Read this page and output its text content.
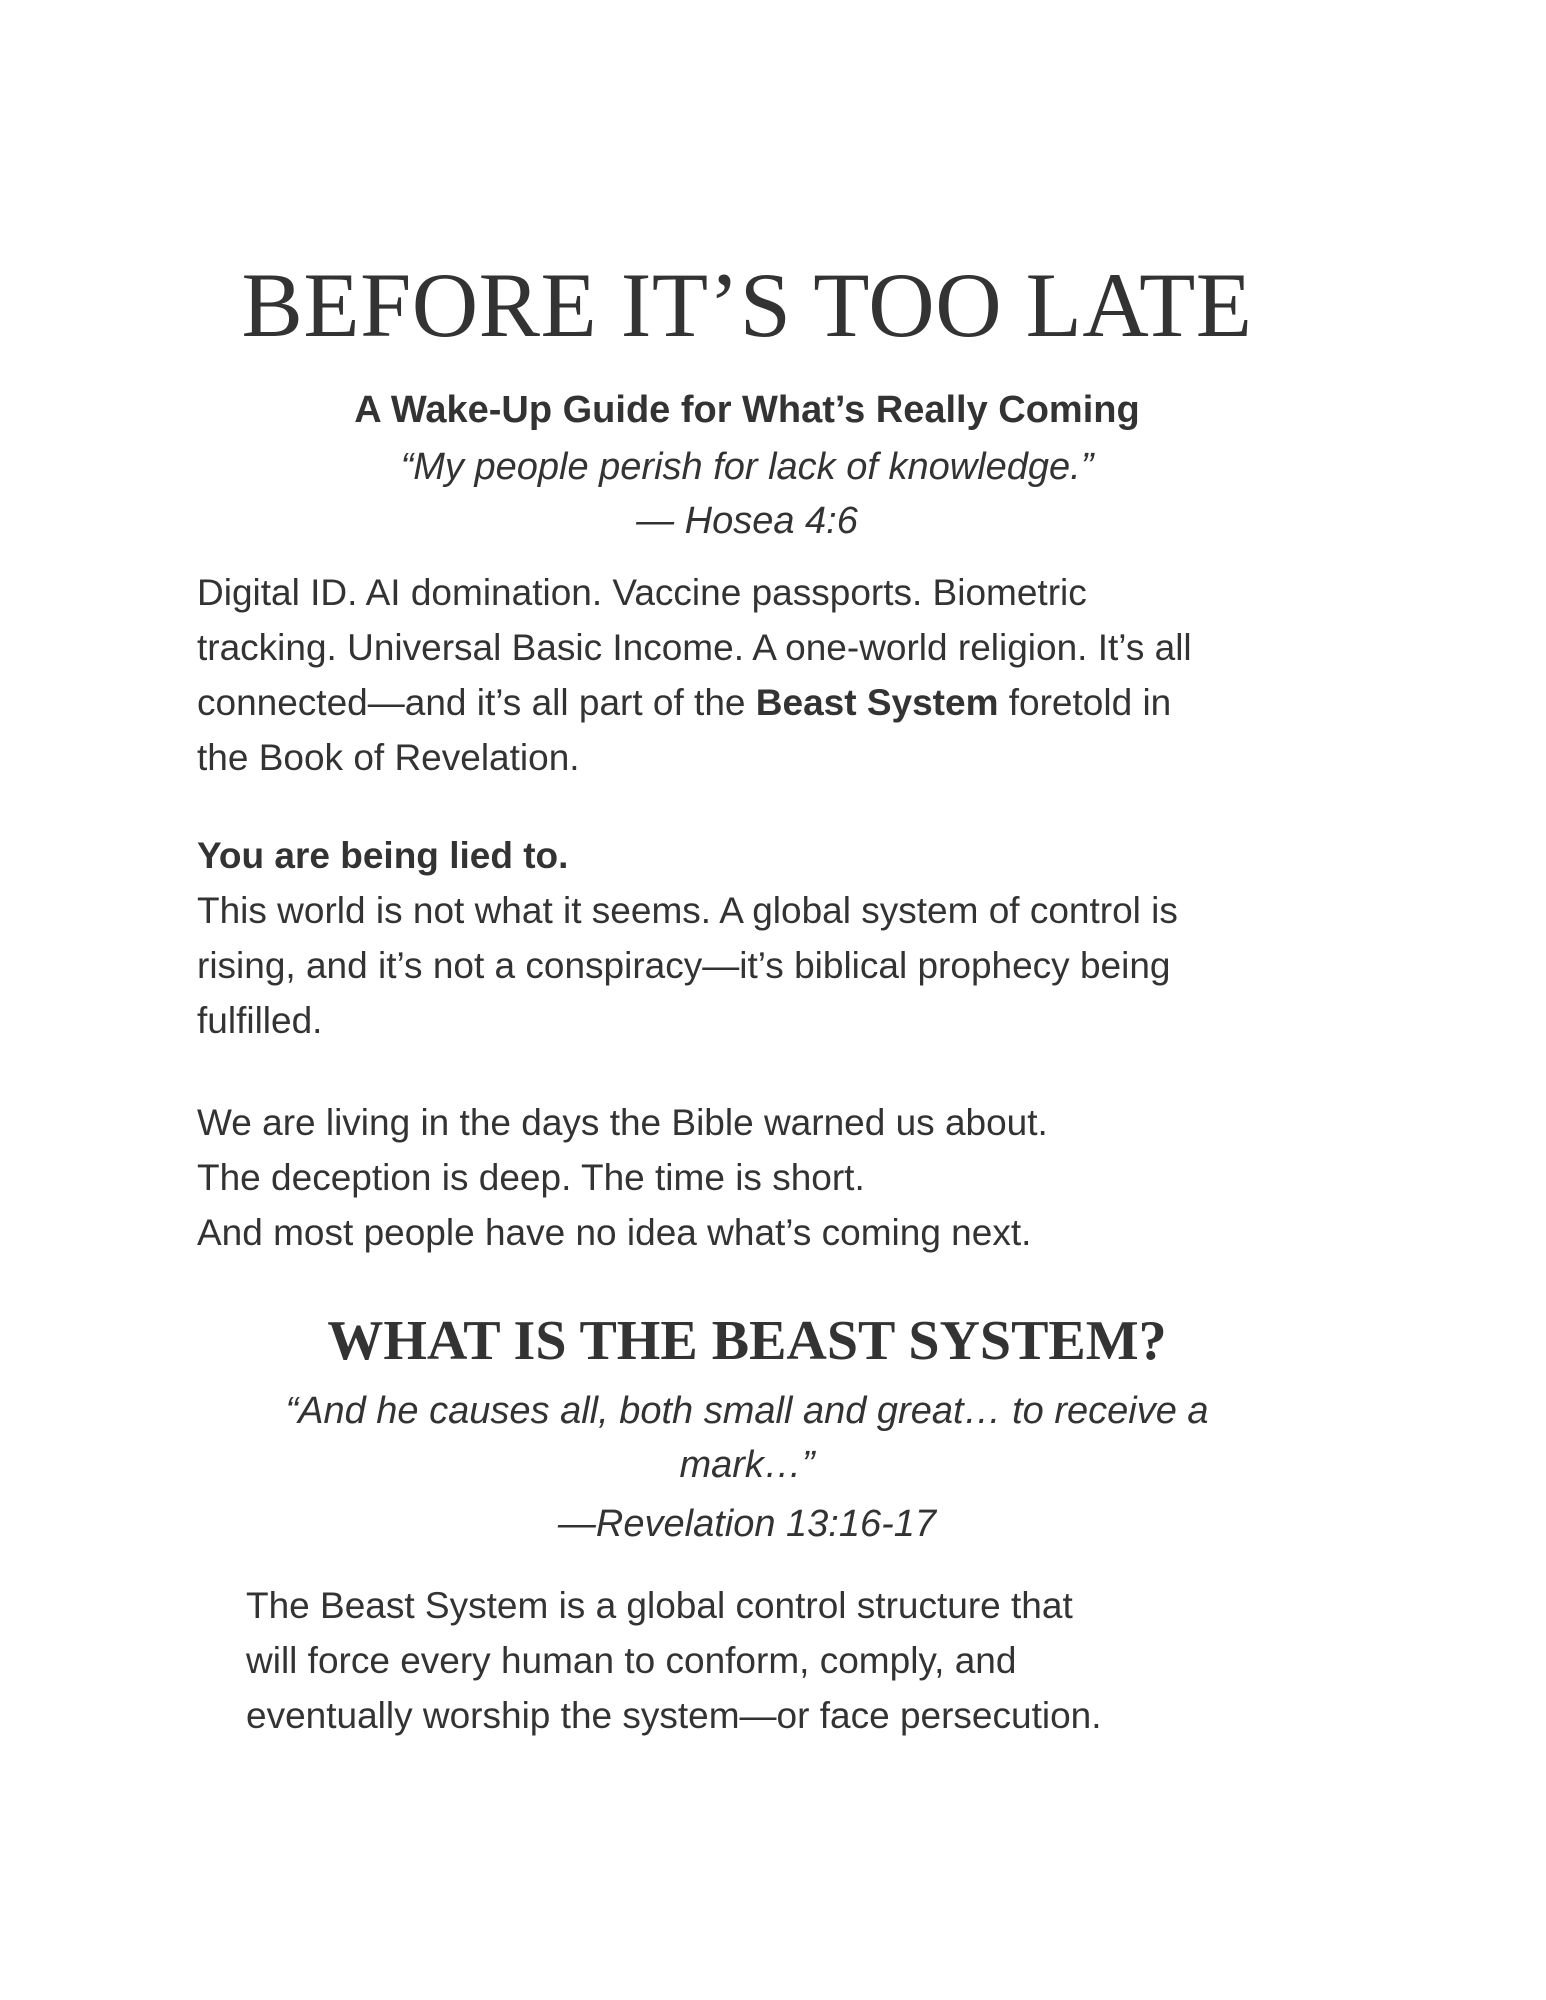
BEFORE IT’S TOO LATE
A Wake-Up Guide for What’s Really Coming
“My people perish for lack of knowledge.”
— Hosea 4:6
Digital ID. AI domination. Vaccine passports. Biometric
tracking. Universal Basic Income. A one-world religion. It’s all
connected—and it’s all part of the Beast System foretold in
the Book of Revelation.
You are being lied to.
This world is not what it seems. A global system of control is
rising, and it’s not a conspiracy—it’s biblical prophecy being
fulfilled.
We are living in the days the Bible warned us about.
The deception is deep. The time is short.
And most people have no idea what’s coming next.
WHAT IS THE BEAST SYSTEM?
“And he causes all, both small and great… to receive a
mark…”
—Revelation 13:16-17
The Beast System is a global control structure that
will force every human to conform, comply, and
eventually worship the system—or face persecution.
